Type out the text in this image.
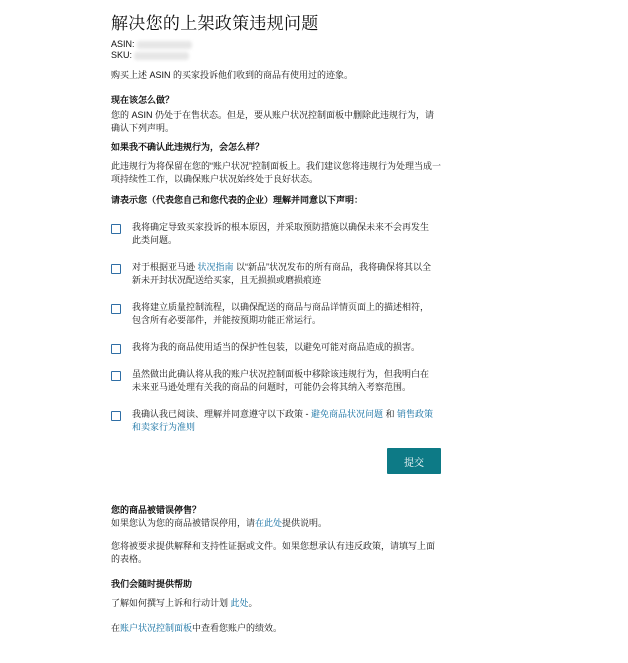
解决您的上架政策违规问题
ASIN:
SKU:

购买上述 ASIN 的买家投诉他们收到的商品有使用过的迹象。

现在该怎么做？

您的 ASIN 仍处于在售状态。但是，要从账户状况控制面板中删除此违规行为，请确认下列声明。

如果我不确认此违规行为，会怎么样？

此违规行为将保留在您的“账户状况”控制面板上。我们建议您将违规行为处理当成一项持续性工作，以确保账户状况始终处于良好状态。

请表示您（代表您自己和您代表的企业）理解并同意以下声明：

我将确定导致买家投诉的根本原因，并采取预防措施以确保未来不会再发生此类问题。
对于根据亚马逊 状况指南 以“新品”状况发布的所有商品，我将确保将其以全新未开封状况配送给买家，且无损损或磨损痕迹
我将建立质量控制流程，以确保配送的商品与商品详情页面上的描述相符，包含所有必要部件，并能按预期功能正常运行。
我将为我的商品使用适当的保护性包装，以避免可能对商品造成的损害。
虽然做出此确认将从我的账户状况控制面板中移除该违规行为，但我明白在未来亚马逊处理有关我的商品的问题时，可能仍会将其纳入考察范围。
我确认我已阅读、理解并同意遵守以下政策 - 避免商品状况问题 和 销售政策和卖家行为准则
提交

您的商品被错误停售？

如果您认为您的商品被错误停用，请在此处提供说明。

您将被要求提供解释和支持性证据或文件。如果您想承认有违反政策，请填写上面的表格。

我们会随时提供帮助

了解如何撰写上诉和行动计划 此处。

在账户状况控制面板中查看您账户的绩效。
